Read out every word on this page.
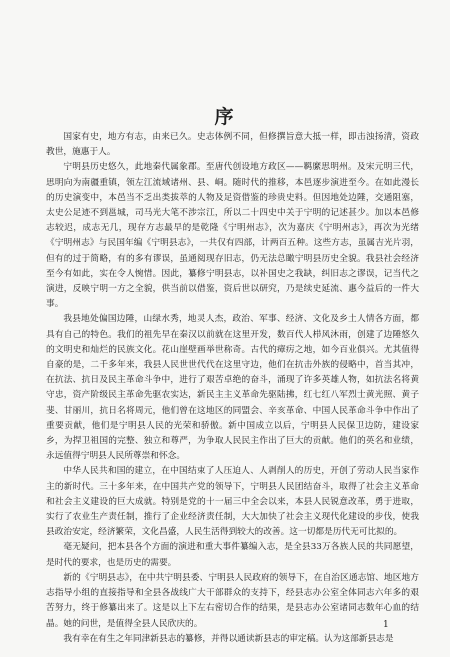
序

国家有史，地方有志，由来已久。史志体例不同，但修撰旨意大抵一样，即击浊扬清，资政教世，施惠于人。

宁明县历史悠久，此地秦代属象郡。至唐代创设地方政区——羁縻思明州。及宋元明三代，思明向为南疆重镇，领左江流域诸州、县、峒。随时代的推移，本邑逐步演进至今。在如此漫长的历史演变中，本邑当不乏出类拔萃的人物及足资借鉴的珍贵史料。但因地处边陲，交通阻塞，太史公足迹不到邕城，司马光大笔不涉宗江，所以二十四史中关于宁明的记述甚少。加以本邑修志较迟，成志无几，现存方志最早的是乾隆《宁明州志》，次为嘉庆《宁明州志》，再次为光绪《宁明州志》与民国年编《宁明县志》，一共仅有四部，计两百五种。这些方志，虽属吉光片羽，但有的过于简略，有的多有谬误，虽通阅现存旧志，仍无法总瞰宁明县历史全貌。我县社会经济至今有如此，实在令人惋惜。因此，纂修宁明县志，以补国史之我缺，纠旧志之谬误，记当代之演进，反映宁明一方之全貌，供当前以借鉴，资后世以研究，乃是续史延流、惠今益后的一件大事。

我县地处偏国边陲，山绿水秀，地灵人杰，政治、军事、经济、文化及乡土人情各方面，都具有自己的特色。我们的祖先早在秦汉以前就在这里开发，数百代人栉风沐雨，创建了边陲悠久的文明史和灿烂的民族文化。花山崖壁画举世称奇。古代的瘴疠之地，如今百业俱兴。尤其值得自豪的是，二千多年来，我县人民世世代代在这里守边，他们在抗击外族的侵略中，首当其冲，在抗法、抗日及民主革命斗争中，进行了艰苦卓绝的奋斗，涌现了许多英雄人物，如抗法名将黄守忠，资产阶级民主革命先驱农实达，新民主主义革命先驱陆拂，红七红八军烈士黄光照、黄子斐、甘丽川，抗日名将周元，他们曾在这地区的同盟会、辛亥革命、中国人民革命斗争中作出了重要贡献，他们是宁明县人民的光荣和骄傲。新中国成立以后，宁明县人民保卫边防，建设家乡，为捍卫祖国的完整、独立和尊严，为争取人民民主作出了巨大的贡献。他们的英名和业绩，永远值得宁明县人民所尊崇和怀念。

中华人民共和国的建立，在中国结束了人压迫人、人剥削人的历史，开创了劳动人民当家作主的新时代。三十多年来，在中国共产党的领导下，宁明县人民团结奋斗，取得了社会主义革命和社会主义建设的巨大成就。特别是党的十一届三中全会以来，本县人民锐意改革，勇于进取，实行了农业生产责任制，推行了企业经济责任制，大大加快了社会主义现代化建设的步伐，使我县政治安定，经济繁荣，文化昌盛，人民生活得到较大的改善。这一切都是历代无可比拟的。

毫无疑问，把本县各个方面的演进和重大事件纂编入志，是全县33万各族人民的共同愿望，是时代的要求，也是历史的需要。

新的《宁明县志》，在中共宁明县委、宁明县人民政府的领导下，在自治区通志馆、地区地方志指导小组的直接指导和全县各战线广大干部群众的支持下，经县志办公室全体同志六年多的艰苦努力，终于修纂出来了。这是以上下左右密切合作的结果，是县志办公室诸同志数年心血的结晶。她的问世，是值得全县人民欣庆的。

我有幸在有生之年同津新县志的纂修，并得以通读新县志的审定稿。认为这部新县志是

1
